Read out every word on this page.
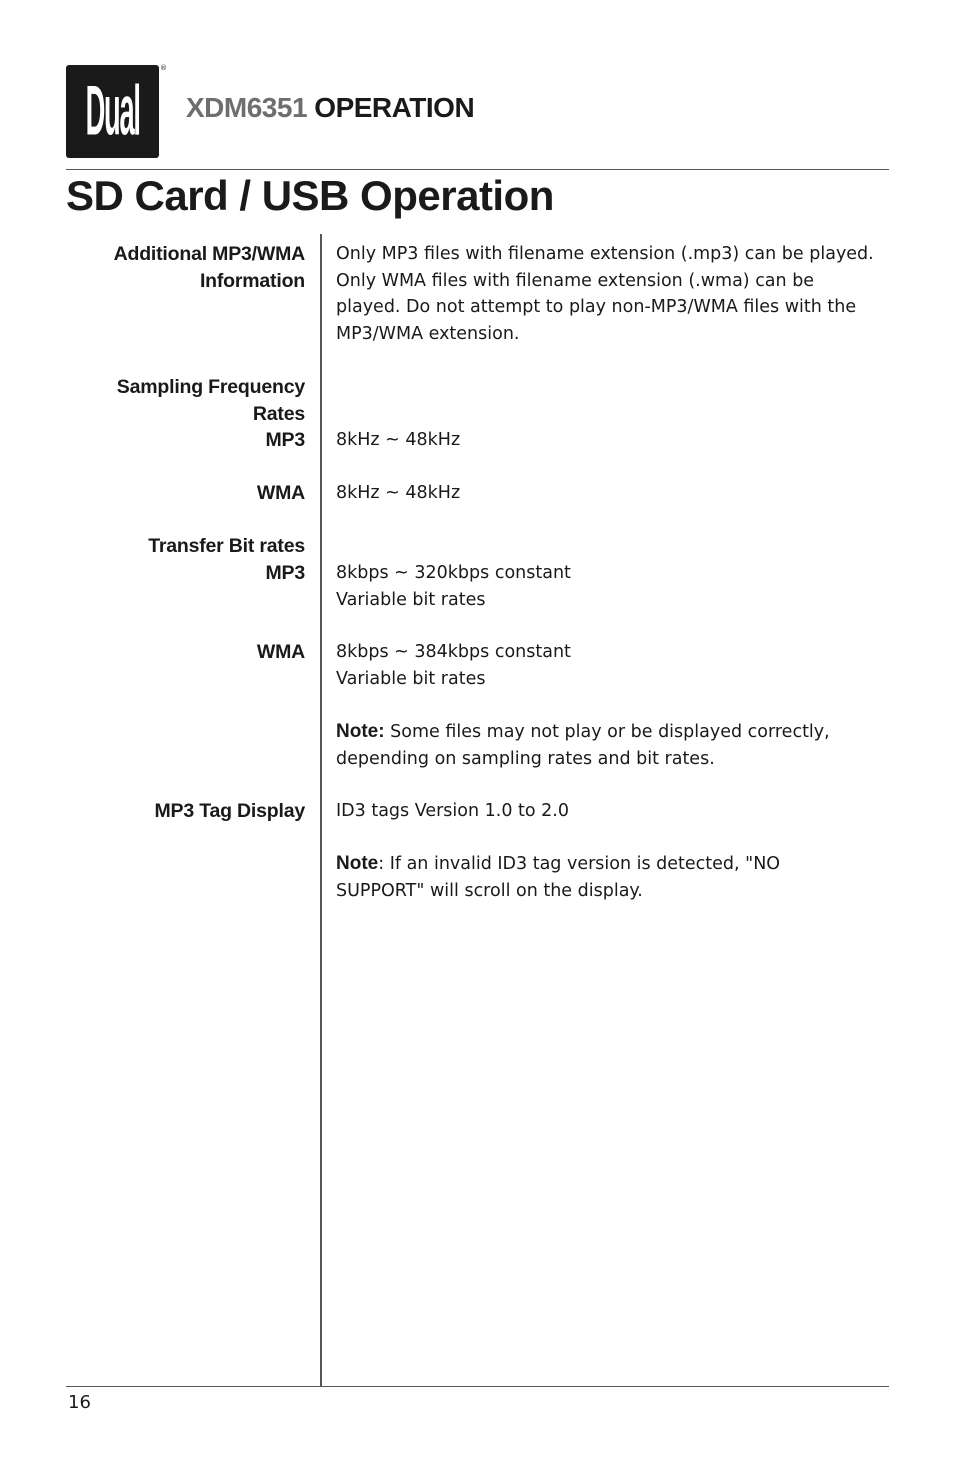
Dual
®
XDM6351 OPERATION
SD Card / USB Operation
Additional MP3/WMA
Information
Only MP3 files with filename extension (.mp3) can be played.
Only WMA files with filename extension (.wma) can be
played. Do not attempt to play non-MP3/WMA files with the
MP3/WMA extension.
Sampling Frequency
Rates
MP3 8kHz ~ 48kHz
WMA 8kHz ~ 48kHz
Transfer Bit rates
MP3 8kbps ~ 320kbps constant
Variable bit rates
WMA 8kbps ~ 384kbps constant
Variable bit rates
Note: Some files may not play or be displayed correctly,
depending on sampling rates and bit rates.
MP3 Tag Display ID3 tags Version 1.0 to 2.0
Note: If an invalid ID3 tag version is detected, "NO
SUPPORT" will scroll on the display.
16
